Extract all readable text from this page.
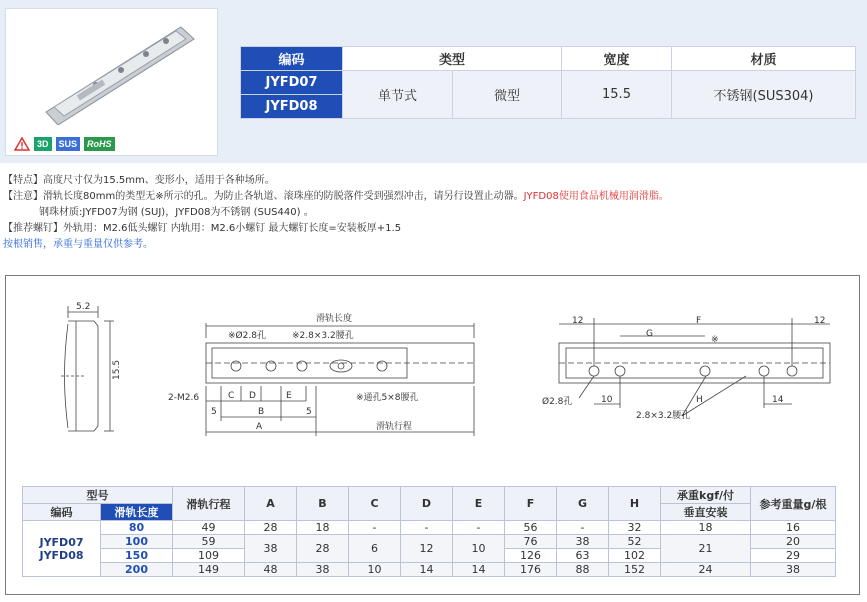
3D	SUS	RoHS
编码	类型		宽度	材质
JYFD07	单节式	微型	15.5	不锈钢(SUS304)
JYFD08				
【特点】高度尺寸仅为15.5mm、变形小，适用于各种场所。
【注意】滑轨长度80mm的类型无※所示的孔。为防止各轨道、滚珠座的防脱落件受到强烈冲击，请另行设置止动器。JYFD08使用食品机械用润滑脂。
钢珠材质:JYFD07为钢 (SUJ)，JYFD08为不锈钢 (SUS440) 。
【推荐螺钉】外轨用：M2.6低头螺钉 内轨用：M2.6小螺钉 最大螺钉长度=安装板厚+1.5
按根销售，承重与重量仅供参考。
5.2
15.5
滑轨长度
※Ø2.8孔	※2.8×3.2腰孔
2-M2.6	※通孔5×8腰孔
C D	E
B
A
5	5
滑轨行程
12	F	12
G
※
Ø2.8孔	10	H	14
2.8×3.2腰孔
型号		滑轨行程	A	B	C	D	E	F	G	H	承重kgf/付	参考重量g/根
编码	滑轨长度										垂直安装	
JYFD07
JYFD08	80	49	28	18	-	-	-	56	-	32	18	16
	100	59	38	28	6	12	10	76	38	52	21	20
	150	109						126	63	102		29
	200	149	48	38	10	14	14	176	88	152	24	38
